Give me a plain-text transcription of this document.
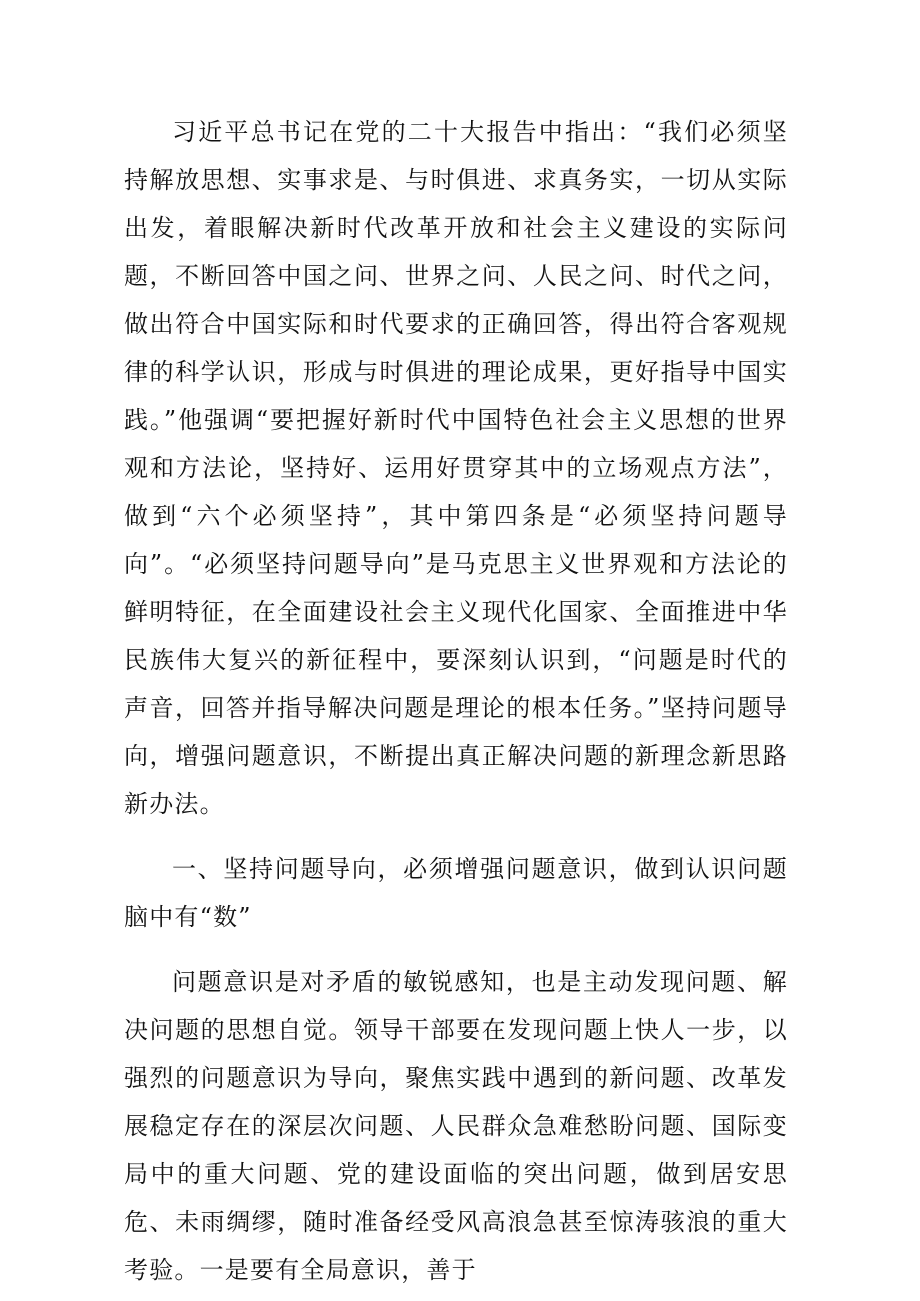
习近平总书记在党的二十大报告中指出：“我们必须坚持解放思想、实事求是、与时俱进、求真务实，一切从实际出发，着眼解决新时代改革开放和社会主义建设的实际问题，不断回答中国之问、世界之问、人民之问、时代之问，做出符合中国实际和时代要求的正确回答，得出符合客观规律的科学认识，形成与时俱进的理论成果，更好指导中国实践。”他强调“要把握好新时代中国特色社会主义思想的世界观和方法论，坚持好、运用好贯穿其中的立场观点方法”，做到“六个必须坚持”，其中第四条是“必须坚持问题导向”。“必须坚持问题导向”是马克思主义世界观和方法论的鲜明特征，在全面建设社会主义现代化国家、全面推进中华民族伟大复兴的新征程中，要深刻认识到，“问题是时代的声音，回答并指导解决问题是理论的根本任务。”坚持问题导向，增强问题意识，不断提出真正解决问题的新理念新思路新办法。

一、坚持问题导向，必须增强问题意识，做到认识问题脑中有“数”

问题意识是对矛盾的敏锐感知，也是主动发现问题、解决问题的思想自觉。领导干部要在发现问题上快人一步，以强烈的问题意识为导向，聚焦实践中遇到的新问题、改革发展稳定存在的深层次问题、人民群众急难愁盼问题、国际变局中的重大问题、党的建设面临的突出问题，做到居安思危、未雨绸缪，随时准备经受风高浪急甚至惊涛骇浪的重大考验。一是要有全局意识，善于
